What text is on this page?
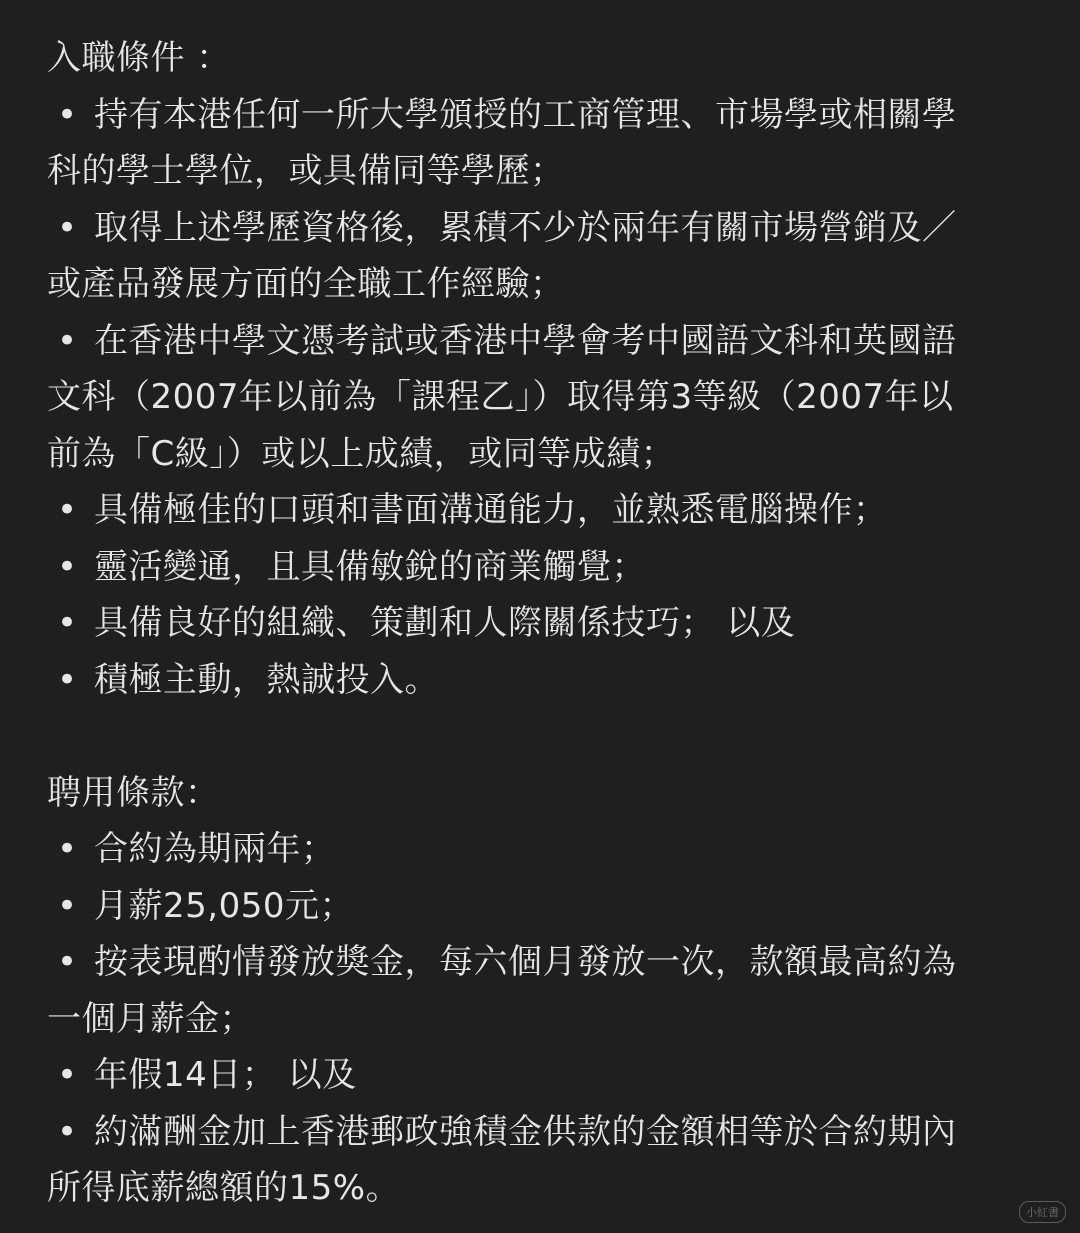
入職條件 ：
• 持有本港任何一所大學頒授的工商管理、市場學或相關學
科的學士學位，或具備同等學歷；
• 取得上述學歷資格後，累積不少於兩年有關市場營銷及／
或產品發展方面的全職工作經驗；
• 在香港中學文憑考試或香港中學會考中國語文科和英國語
文科（2007年以前為「課程乙」）取得第3等級（2007年以
前為「C級」）或以上成績，或同等成績；
• 具備極佳的口頭和書面溝通能力，並熟悉電腦操作；
• 靈活變通，且具備敏銳的商業觸覺；
• 具備良好的組織、策劃和人際關係技巧； 以及
• 積極主動，熱誠投入。
聘用條款：
• 合約為期兩年；
• 月薪25,050元；
• 按表現酌情發放獎金，每六個月發放一次，款額最高約為
一個月薪金；
• 年假14日； 以及
• 約滿酬金加上香港郵政強積金供款的金額相等於合約期內
所得底薪總額的15%。
小紅書
